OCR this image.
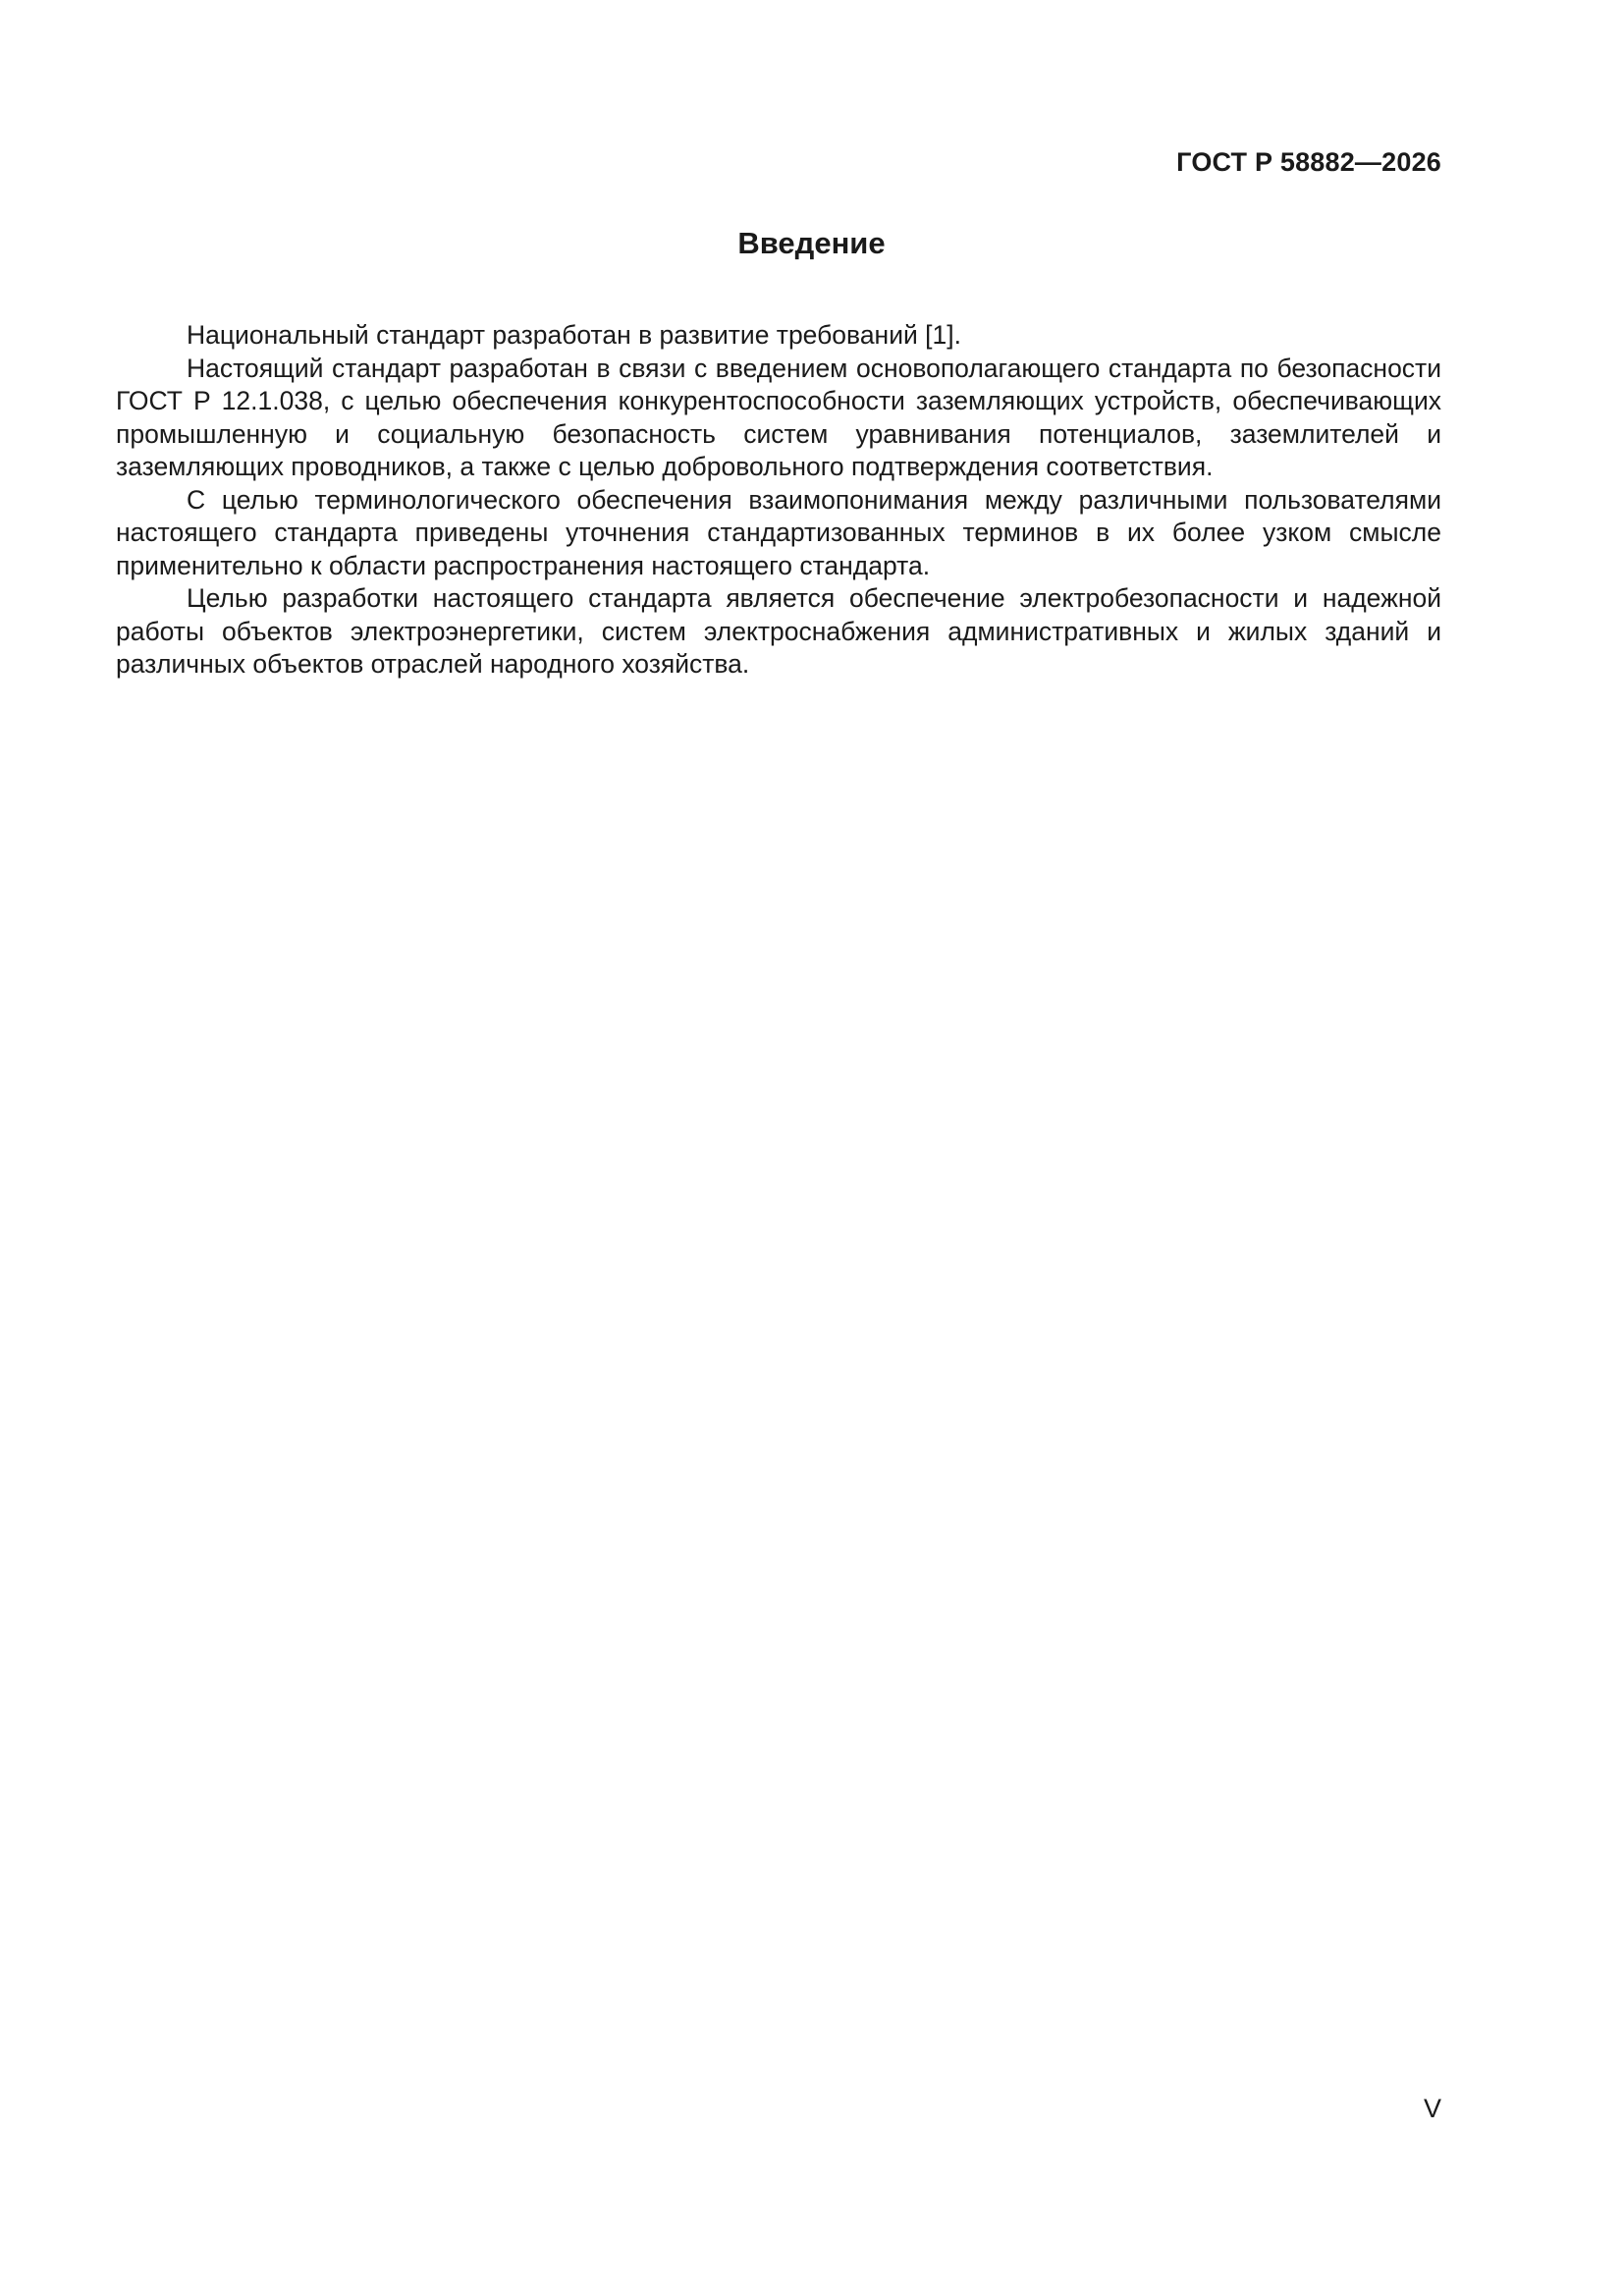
ГОСТ Р 58882—2026
Введение

Национальный стандарт разработан в развитие требований [1].

Настоящий стандарт разработан в связи с введением основополагающего стандарта по безопасности ГОСТ Р 12.1.038, с целью обеспечения конкурентоспособности заземляющих устройств, обеспечивающих промышленную и социальную безопасность систем уравнивания потенциалов, заземлителей и заземляющих проводников, а также с целью добровольного подтверждения соответствия.

С целью терминологического обеспечения взаимопонимания между различными пользователями настоящего стандарта приведены уточнения стандартизованных терминов в их более узком смысле применительно к области распространения настоящего стандарта.

Целью разработки настоящего стандарта является обеспечение электробезопасности и надежной работы объектов электроэнергетики, систем электроснабжения административных и жилых зданий и различных объектов отраслей народного хозяйства.

V
